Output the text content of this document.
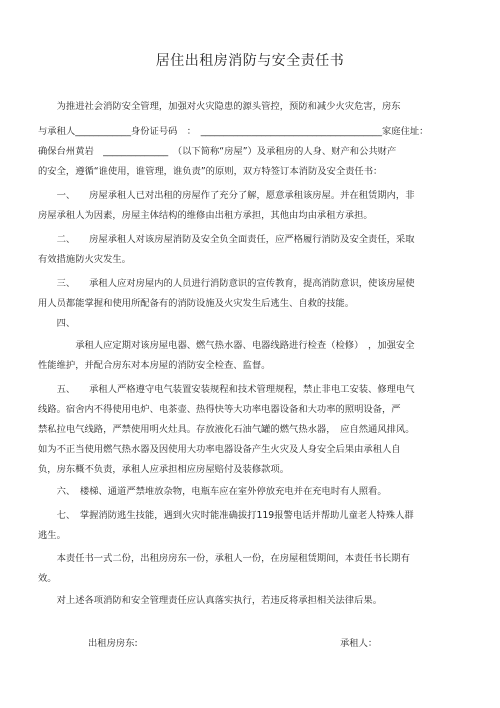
居住出租房消防与安全责任书
　　为推进社会消防安全管理，加强对火灾隐患的源头管控，预防和减少火灾危害，房东
与承租人____________身份证号码　：　_______________________________________家庭住址：
确保台州黄岩　______________　（以下简称“房屋”）及承租房的人身、财产和公共财产
的安全，遵循“谁使用，谁管理，谁负责”的原则，双方特签订本消防及安全责任书：
　　一、　　房屋承租人已对出租的房屋作了充分了解，愿意承租该房屋。并在租赁期内，非
房屋承租人为因素，房屋主体结构的维修由出租方承担，其他由均由承租方承担。
　　二、　　房屋承租人对该房屋消防及安全负全面责任，应严格履行消防及安全责任，采取
有效措施防火灾发生。
　　三、　　承租人应对房屋内的人员进行消防意识的宣传教育，提高消防意识，使该房屋使
用人员都能掌握和使用所配备有的消防设施及火灾发生后逃生、自救的技能。
　　四、
　　　　承租人应定期对该房屋电器、燃气热水器、电器线路进行检查（检修）　，加强安全
性能维护，并配合房东对本房屋的消防安全检查、监督。
　　五、　　承租人严格遵守电气装置安装规程和技术管理规程，禁止非电工安装、修理电气
线路。宿舍内不得使用电炉、电茶壶、热得快等大功率电器设备和大功率的照明设备，严
禁私拉电气线路，严禁使用明火灶具。存放液化石油气罐的燃气热水器，　应自然通风排风。
如为不正当使用燃气热水器及因使用大功率电器设备产生火灾及人身安全后果由承租人自
负，房东概不负责，承租人应承担相应房屋赔付及装修款项。
　　六、　楼梯、通道严禁堆放杂物，电瓶车应在室外停放充电并在充电时有人照看。
　　七、　掌握消防逃生技能，遇到火灾时能准确拔打119报警电话并帮助儿童老人特殊人群
逃生。
　　本责任书一式二份，出租房房东一份，承租人一份，在房屋租赁期间，本责任书长期有
效。
　　对上述各项消防和安全管理责任应认真落实执行，若违反将承担相关法律后果。
出租房房东:	承租人：
